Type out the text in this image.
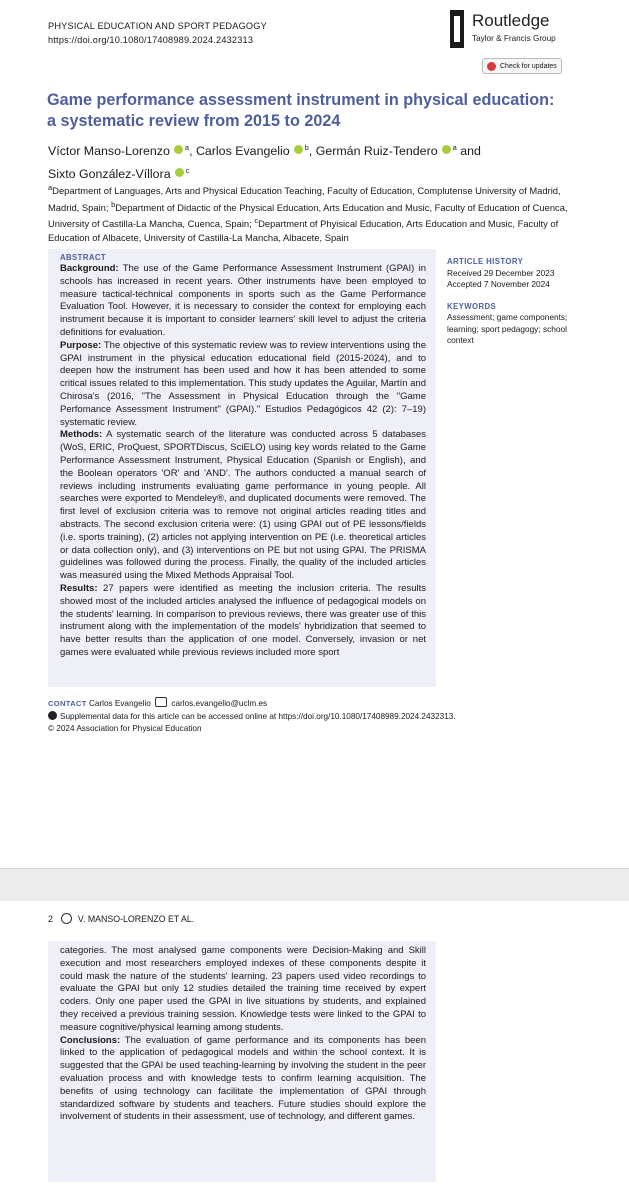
PHYSICAL EDUCATION AND SPORT PEDAGOGY
https://doi.org/10.1080/17408989.2024.2432313
Routledge
Taylor & Francis Group
Check for updates
Game performance assessment instrument in physical education:
a systematic review from 2015 to 2024
Víctor Manso-Lorenzo $^a$, Carlos Evangelio $^b$, Germán Ruiz-Tendero $^a$ and
Sixto González-Víllora $^c$
$^a$Department of Languages, Arts and Physical Education Teaching, Faculty of Education, Complutense University of Madrid, Madrid, Spain; $^b$Department of Didactic of the Physical Education, Arts Education and Music, Faculty of Education of Cuenca, University of Castilla-La Mancha, Cuenca, Spain; $^c$Department of Phyisical Education, Arts Education and Music, Faculty of Education of Albacete, University of Castilla-La Mancha, Albacete, Spain
ABSTRACT

Background: The use of the Game Performance Assessment Instrument (GPAI) in schools has increased in recent years. Other instruments have been employed to measure tactical-technical components in sports such as the Game Performance Evaluation Tool. However, it is necessary to consider the context for employing each instrument because it is important to consider learners' skill level to adjust the criteria definitions for evaluation.

Purpose: The objective of this systematic review was to review interventions using the GPAI instrument in the physical education educational field (2015-2024), and to deepen how the instrument has been used and how it has been attended to some critical issues related to this implementation. This study updates the Aguilar, Martín and Chirosa's (2016, "The Assessment in Physical Education through the "Game Perfomance Assessment Instrument" (GPAI)." Estudios Pedagógicos 42 (2): 7–19) systematic review.

Methods: A systematic search of the literature was conducted across 5 databases (WoS, ERIC, ProQuest, SPORTDiscus, SciELO) using key words related to the Game Performance Assessment Instrument, Physical Education (Spanish or English), and the Boolean operators 'OR' and 'AND'. The authors conducted a manual search of reviews including instruments evaluating game performance in young people. All searches were exported to Mendeley®, and duplicated documents were removed. The first level of exclusion criteria was to remove not original articles reading titles and abstracts. The second exclusion criteria were: (1) using GPAI out of PE lessons/fields (i.e. sports training), (2) articles not applying intervention on PE (i.e. theoretical articles or data collection only), and (3) interventions on PE but not using GPAI. The PRISMA guidelines was followed during the process. Finally, the quality of the included articles was measured using the Mixed Methods Appraisal Tool.

Results: 27 papers were identified as meeting the inclusion criteria. The results showed most of the included articles analysed the influence of pedagogical models on the students' learning. In comparison to previous reviews, there was greater use of this instrument along with the implementation of the models' hybridization that seemed to have better results than the application of one model. Conversely, invasion or net games were evaluated while previous reviews included more sport

ARTICLE HISTORY
Received 29 December 2023
Accepted 7 November 2024
KEYWORDS
Assessment; game components; learning; sport pedagogy; school context
CONTACT Carlos Evangelio	carlos.evangelio@uclm.es
Supplemental data for this article can be accessed online at https://doi.org/10.1080/17408989.2024.2432313.
© 2024 Association for Physical Education
2	V. MANSO-LORENZO ET AL.

categories. The most analysed game components were Decision-Making and Skill execution and most researchers employed indexes of these components despite it could mask the nature of the students' learning. 23 papers used video recordings to evaluate the GPAI but only 12 studies detailed the training time received by expert coders. Only one paper used the GPAI in live situations by students, and explained they received a previous training session. Knowledge tests were linked to the GPAI to measure cognitive/physical learning among students.

Conclusions: The evaluation of game performance and its components has been linked to the application of pedagogical models and within the school context. It is suggested that the GPAI be used teaching-learning by involving the student in the peer evaluation process and with knowledge tests to confirm learning acquisition. The benefits of using technology can facilitate the implementation of GPAI through standardized software by students and teachers. Future studies should explore the involvement of students in their assessment, use of technology, and different games.
